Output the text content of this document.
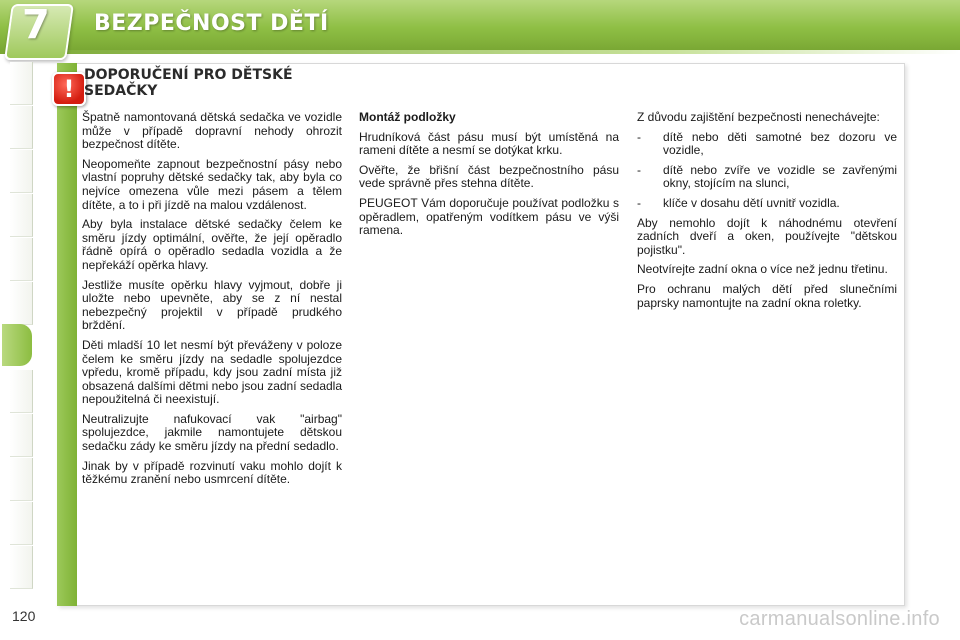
7 BEZPEČNOST DĚTÍ
! DOPORUČENÍ PRO DĚTSKÉ SEDAČKY

Špatně namontovaná dětská sedačka ve vozidle může v případě dopravní nehody ohrozit bezpečnost dítěte.

Neopomeňte zapnout bezpečnostní pásy nebo vlastní popruhy dětské sedačky tak, aby byla co nejvíce omezena vůle mezi pásem a tělem dítěte, a to i při jízdě na malou vzdálenost.

Aby byla instalace dětské sedačky čelem ke směru jízdy optimální, ověřte, že její opěradlo řádně opírá o opěradlo sedadla vozidla a že nepřekáží opěrka hlavy.

Jestliže musíte opěrku hlavy vyjmout, dobře ji uložte nebo upevněte, aby se z ní nestal nebezpečný projektil v případě prudkého brždění.

Děti mladší 10 let nesmí být převáženy v poloze čelem ke směru jízdy na sedadle spolujezdce vpředu, kromě případu, kdy jsou zadní místa již obsazená dalšími dětmi nebo jsou zadní sedadla nepoužitelná či neexistují.

Neutralizujte nafukovací vak "airbag" spolujezdce, jakmile namontujete dětskou sedačku zády ke směru jízdy na přední sedadlo.

Jinak by v případě rozvinutí vaku mohlo dojít k těžkému zranění nebo usmrcení dítěte.

Montáž podložky

Hrudníková část pásu musí být umístěná na rameni dítěte a nesmí se dotýkat krku.

Ověřte, že břišní část bezpečnostního pásu vede správně přes stehna dítěte.

PEUGEOT Vám doporučuje používat podložku s opěradlem, opatřeným vodítkem pásu ve výši ramena.

Z důvodu zajištění bezpečnosti nenechávejte:

-	dítě nebo děti samotné bez dozoru ve vozidle,
-	dítě nebo zvíře ve vozidle se zavřenými okny, stojícím na slunci,
-	klíče v dosahu dětí uvnitř vozidla.

Aby nemohlo dojít k náhodnému otevření zadních dveří a oken, používejte "dětskou pojistku".

Neotvírejte zadní okna o více než jednu třetinu.

Pro ochranu malých dětí před slunečními paprsky namontujte na zadní okna roletky.

120	carmanualsonline.info
